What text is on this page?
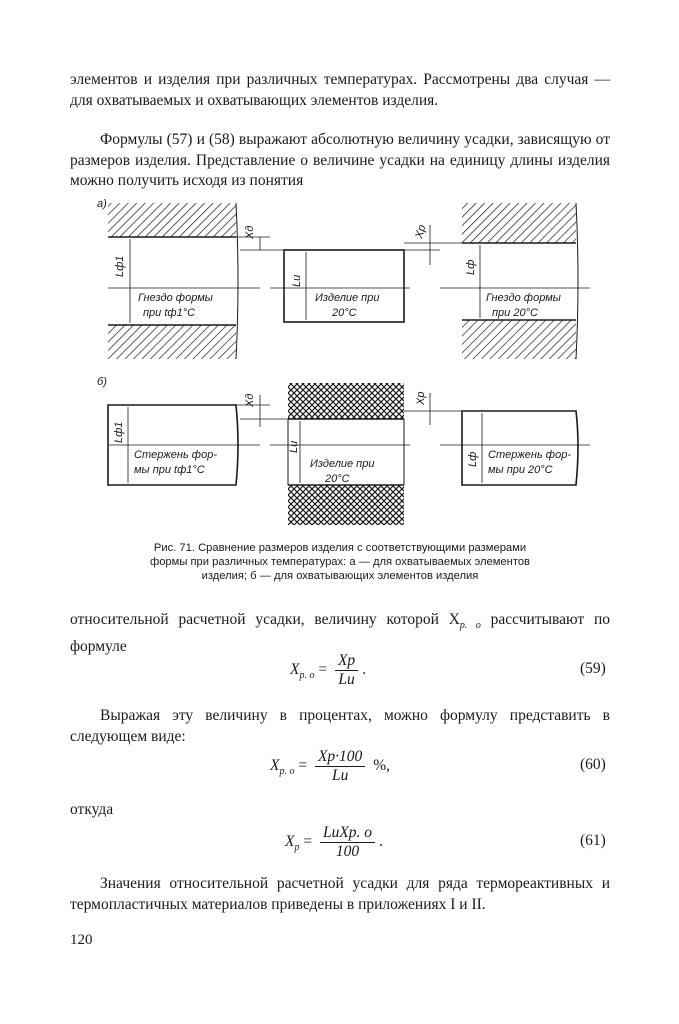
элементов и изделия при различных температурах. Рассмотрены два случая — для охватываемых и охватывающих элементов изделия.

Формулы (57) и (58) выражают абсолютную величину усадки, зависящую от размеров изделия. Представление о величине усадки на единицу длины изделия можно получить исходя из понятия

а)
Lф1
Гнездо формы
при tф1°С
Xд
Lи
Изделие при
20°С
Xр
Lф
Гнездо формы
при 20°С
б)
Lф1
Стержень фор-
мы при tф1°С
Xд
Lи
Изделие при
20°С
Xр
Lф Стержень фор-
мы при 20°С

Рис. 71. Сравнение размеров изделия с соответствующими размерами
формы при различных температурах: а — для охватываемых элементов
изделия; б — для охватывающих элементов изделия

относительной расчетной усадки, величину которой $X_{р. о}$ рассчитывают по формуле

$X_{р. о} = \frac{Xр}{Lи}$ .	(59)

Выражая эту величину в процентах, можно формулу представить в следующем виде:

$X_{р. о} = \frac{Xр\cdot 100}{Lи}$ %,	(60)

откуда

$X_р = \frac{\text{LиXр. о}}{100}$ .	(61)

Значения относительной расчетной усадки для ряда термореактивных и термопластичных материалов приведены в приложениях I и II.

120
